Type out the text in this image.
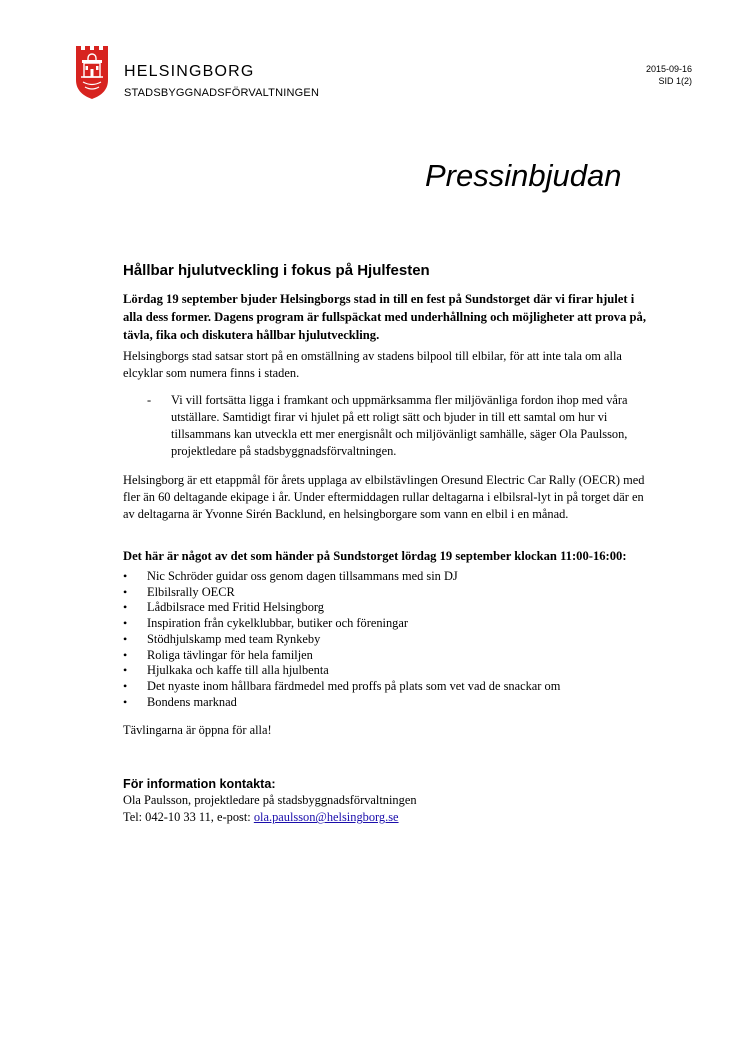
HELSINGBORG
STADSBYGGNADSFÖRVALTNINGEN
2015-09-16
SID 1(2)
Pressinbjudan
Hållbar hjulutveckling i fokus på Hjulfesten

Lördag 19 september bjuder Helsingborgs stad in till en fest på Sundstorget där vi firar hjulet i alla dess former. Dagens program är fullspäckat med underhållning och möjligheter att prova på, tävla, fika och diskutera hållbar hjulutveckling.

Helsingborgs stad satsar stort på en omställning av stadens bilpool till elbilar, för att inte tala om alla elcyklar som numera finns i staden.

-	Vi vill fortsätta ligga i framkant och uppmärksamma fler miljövänliga fordon ihop med våra utställare. Samtidigt firar vi hjulet på ett roligt sätt och bjuder in till ett samtal om hur vi tillsammans kan utveckla ett mer energisnålt och miljövänligt samhälle, säger Ola Paulsson, projektledare på stadsbyggnadsförvaltningen.

Helsingborg är ett etappmål för årets upplaga av elbilstävlingen Oresund Electric Car Rally (OECR) med fler än 60 deltagande ekipage i år. Under eftermiddagen rullar deltagarna i elbilsral-lyt in på torget där en av deltagarna är Yvonne Sirén Backlund, en helsingborgare som vann en elbil i en månad.

Det här är något av det som händer på Sundstorget lördag 19 september klockan 11:00-16:00:

• Nic Schröder guidar oss genom dagen tillsammans med sin DJ
• Elbilsrally OECR
• Lådbilsrace med Fritid Helsingborg
• Inspiration från cykelklubbar, butiker och föreningar
• Stödhjulskamp med team Rynkeby
• Roliga tävlingar för hela familjen
• Hjulkaka och kaffe till alla hjulbenta
• Det nyaste inom hållbara färdmedel med proffs på plats som vet vad de snackar om
• Bondens marknad

Tävlingarna är öppna för alla!

För information kontakta:

Ola Paulsson, projektledare på stadsbyggnadsförvaltningen

Tel: 042-10 33 11, e-post: ola.paulsson@helsingborg.se
